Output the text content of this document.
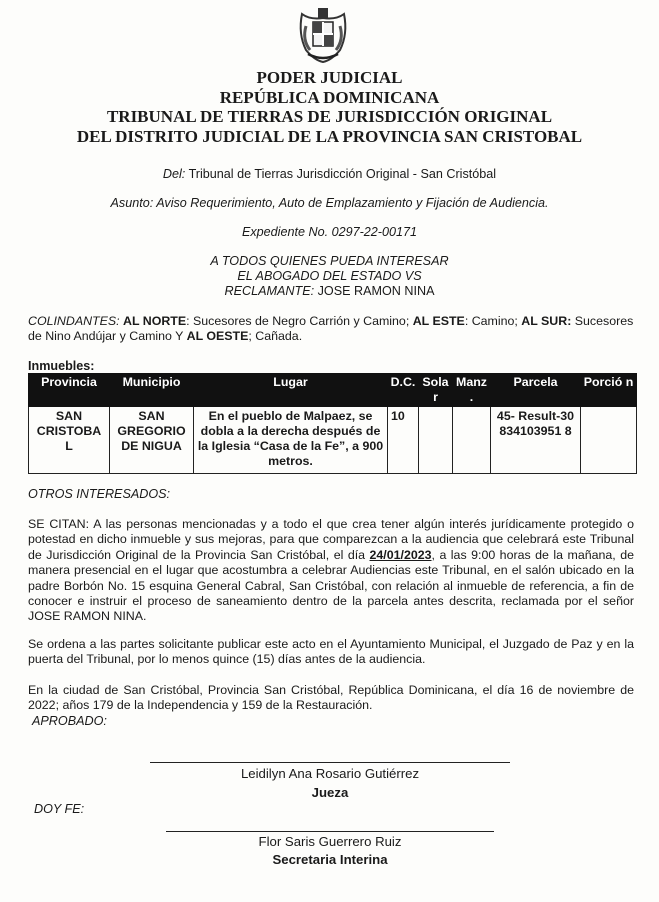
PODER JUDICIAL
REPÚBLICA DOMINICANA
TRIBUNAL DE TIERRAS DE JURISDICCIÓN ORIGINAL
DEL DISTRITO JUDICIAL DE LA PROVINCIA SAN CRISTOBAL
Del: Tribunal de Tierras Jurisdicción Original - San Cristóbal
Asunto: Aviso Requerimiento, Auto de Emplazamiento y Fijación de Audiencia.
Expediente No. 0297-22-00171
A TODOS QUIENES PUEDA INTERESAR
EL ABOGADO DEL ESTADO VS
RECLAMANTE: JOSE RAMON NINA
COLINDANTES: AL NORTE: Sucesores de Negro Carrión y Camino; AL ESTE: Camino; AL SUR: Sucesores de Nino Andújar y Camino Y AL OESTE; Cañada.
Inmuebles:
Provincia	Municipio	Lugar	D.C.	Sola r	Manz .	Parcela	Porció n
SAN CRISTOBA L	SAN GREGORIO DE NIGUA	En el pueblo de Malpaez, se dobla a la derecha después de la Iglesia “Casa de la Fe”, a 900 metros.	10			45- Result-30834103951 8	
OTROS INTERESADOS:
SE CITAN: A las personas mencionadas y a todo el que crea tener algún interés jurídicamente protegido o potestad en dicho inmueble y sus mejoras, para que comparezcan a la audiencia que celebrará este Tribunal de Jurisdicción Original de la Provincia San Cristóbal, el día 24/01/2023, a las 9:00 horas de la mañana, de manera presencial en el lugar que acostumbra a celebrar Audiencias este Tribunal, en el salón ubicado en la padre Borbón No. 15 esquina General Cabral, San Cristóbal, con relación al inmueble de referencia, a fin de conocer e instruir el proceso de saneamiento dentro de la parcela antes descrita, reclamada por el señor JOSE RAMON NINA.
Se ordena a las partes solicitante publicar este acto en el Ayuntamiento Municipal, el Juzgado de Paz y en la puerta del Tribunal, por lo menos quince (15) días antes de la audiencia.
En la ciudad de San Cristóbal, Provincia San Cristóbal, República Dominicana, el día 16 de noviembre de 2022; años 179 de la Independencia y 159 de la Restauración.
APROBADO:
Leidilyn Ana Rosario Gutiérrez
Jueza
DOY FE:
Flor Saris Guerrero Ruiz
Secretaria Interina
